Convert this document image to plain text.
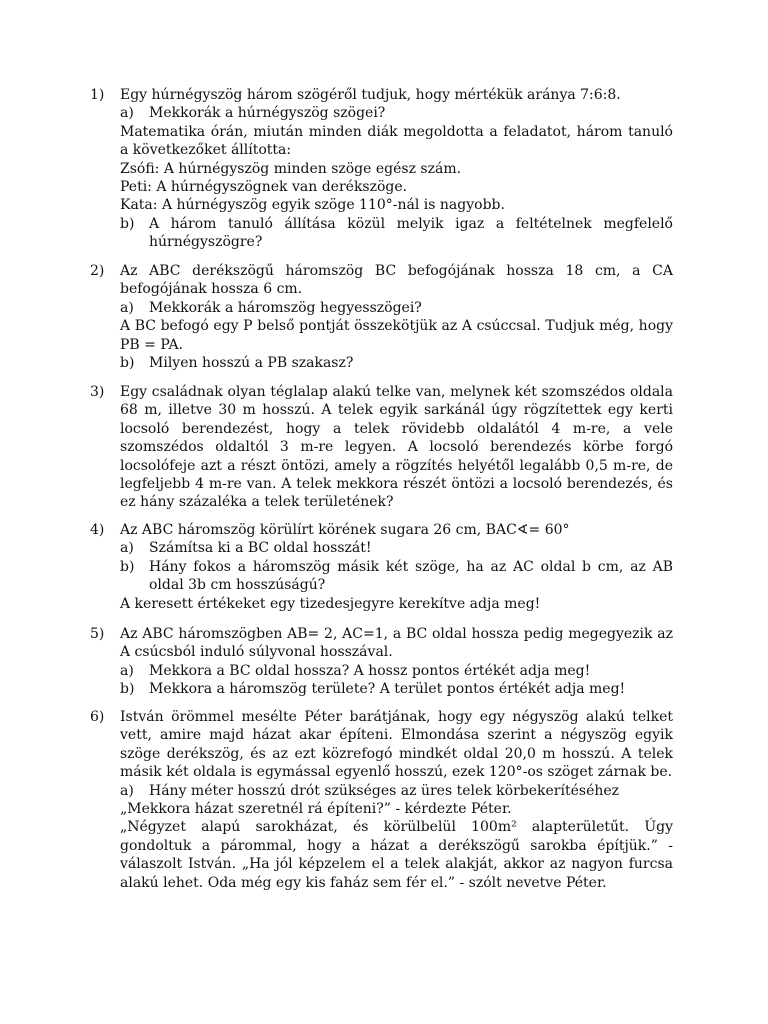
1)	Egy húrnégyszög három szögéről tudjuk, hogy mértékük aránya 7:6:8.
a) Mekkorák a húrnégyszög szögei?
Matematika órán, miután minden diák megoldotta a feladatot, három tanuló a következőket állította:
Zsófi: A húrnégyszög minden szöge egész szám.
Peti: A húrnégyszögnek van derékszöge.
Kata: A húrnégyszög egyik szöge 110°-nál is nagyobb.
b) A három tanuló állítása közül melyik igaz a feltételnek megfelelő húrnégyszögre?
2)	Az ABC derékszögű háromszög BC befogójának hossza 18 cm, a CA befogójának hossza 6 cm.
a) Mekkorák a háromszög hegyesszögei?
A BC befogó egy P belső pontját összekötjük az A csúccsal. Tudjuk még, hogy PB = PA.
b) Milyen hosszú a PB szakasz?
3)	Egy családnak olyan téglalap alakú telke van, melynek két szomszédos oldala 68 m, illetve 30 m hosszú. A telek egyik sarkánál úgy rögzítettek egy kerti locsoló berendezést, hogy a telek rövidebb oldalától 4 m-re, a vele szomszédos oldaltól 3 m-re legyen. A locsoló berendezés körbe forgó locsolófeje azt a részt öntözi, amely a rögzítés helyétől legalább 0,5 m-re, de legfeljebb 4 m-re van. A telek mekkora részét öntözi a locsoló berendezés, és ez hány százaléka a telek területének?
4)	Az ABC háromszög körülírt körének sugara 26 cm, BAC∢= 60°
a) Számítsa ki a BC oldal hosszát!
b) Hány fokos a háromszög másik két szöge, ha az AC oldal b cm, az AB oldal 3b cm hosszúságú?
A keresett értékeket egy tizedesjegyre kerekítve adja meg!
5)	Az ABC háromszögben AB= 2, AC=1, a BC oldal hossza pedig megegyezik az A csúcsból induló súlyvonal hosszával.
a) Mekkora a BC oldal hossza? A hossz pontos értékét adja meg!
b) Mekkora a háromszög területe? A terület pontos értékét adja meg!
6)	István örömmel mesélte Péter barátjának, hogy egy négyszög alakú telket vett, amire majd házat akar építeni. Elmondása szerint a négyszög egyik szöge derékszög, és az ezt közrefogó mindkét oldal 20,0 m hosszú. A telek másik két oldala is egymással egyenlő hosszú, ezek 120°-os szöget zárnak be.
a) Hány méter hosszú drót szükséges az üres telek körbekerítéséhez
„Mekkora házat szeretnél rá építeni?” - kérdezte Péter.
„Négyzet alapú sarokházat, és körülbelül 100m² alapterületűt. Úgy gondoltuk a párommal, hogy a házat a derékszögű sarokba építjük.” - válaszolt István. „Ha jól képzelem el a telek alakját, akkor az nagyon furcsa alakú lehet. Oda még egy kis faház sem fér el.” - szólt nevetve Péter.
